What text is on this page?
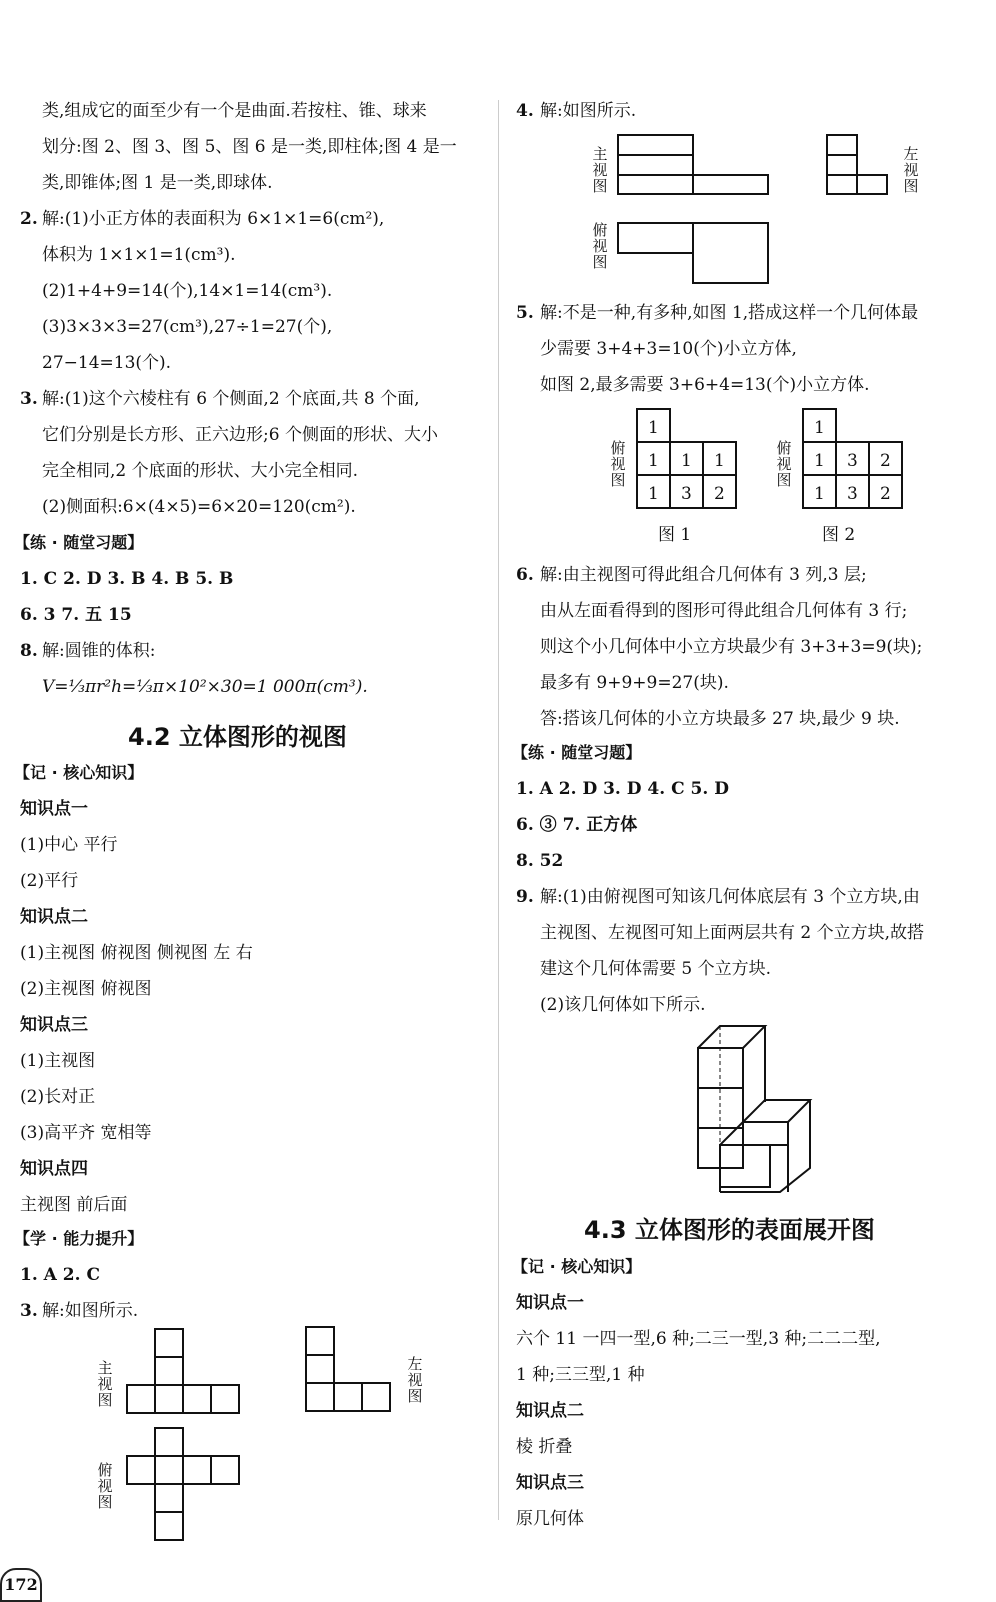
类,组成它的面至少有一个是曲面.若按柱、锥、球来
划分:图 2、图 3、图 5、图 6 是一类,即柱体;图 4 是一
类,即锥体;图 1 是一类,即球体.
2. 解:(1)小正方体的表面积为 6×1×1=6(cm²),
体积为 1×1×1=1(cm³).
(2)1+4+9=14(个),14×1=14(cm³).
(3)3×3×3=27(cm³),27÷1=27(个),
27−14=13(个).
3. 解:(1)这个六棱柱有 6 个侧面,2 个底面,共 8 个面,
它们分别是长方形、正六边形;6 个侧面的形状、大小
完全相同,2 个底面的形状、大小完全相同.
(2)侧面积:6×(4×5)=6×20=120(cm²).
【练 · 随堂习题】
1. C 2. D 3. B 4. B 5. B
6. 3 7. 五 15
8. 解:圆锥的体积:
V=⅓πr²h=⅓π×10²×30=1 000π(cm³).
4.2 立体图形的视图
【记 · 核心知识】
知识点一
(1)中心 平行
(2)平行
知识点二
(1)主视图 俯视图 侧视图 左 右
(2)主视图 俯视图
知识点三
(1)主视图
(2)长对正
(3)高平齐 宽相等
知识点四
主视图 前后面
【学 · 能力提升】
1. A 2. C
3. 解:如图所示.
主视图
左视图
俯视图
4. 解:如图所示.
主视图
左视图
俯视图
5. 解:不是一种,有多种,如图 1,搭成这样一个几何体最
少需要 3+4+3=10(个)小立方体,
如图 2,最多需要 3+6+4=13(个)小立方体.
1
1 1 1
1 3 2
俯视图
图 1
1
1 3 2
1 3 2
俯视图
图 2
6. 解:由主视图可得此组合几何体有 3 列,3 层;
由从左面看得到的图形可得此组合几何体有 3 行;
则这个小几何体中小立方块最少有 3+3+3=9(块);
最多有 9+9+9=27(块).
答:搭该几何体的小立方块最多 27 块,最少 9 块.
【练 · 随堂习题】
1. A 2. D 3. D 4. C 5. D
6. ③ 7. 正方体
8. 52
9. 解:(1)由俯视图可知该几何体底层有 3 个立方块,由
主视图、左视图可知上面两层共有 2 个立方块,故搭
建这个几何体需要 5 个立方块.
(2)该几何体如下所示.
4.3 立体图形的表面展开图
【记 · 核心知识】
知识点一
六个 11 一四一型,6 种;二三一型,3 种;二二二型,
1 种;三三型,1 种
知识点二
棱 折叠
知识点三
原几何体
172
